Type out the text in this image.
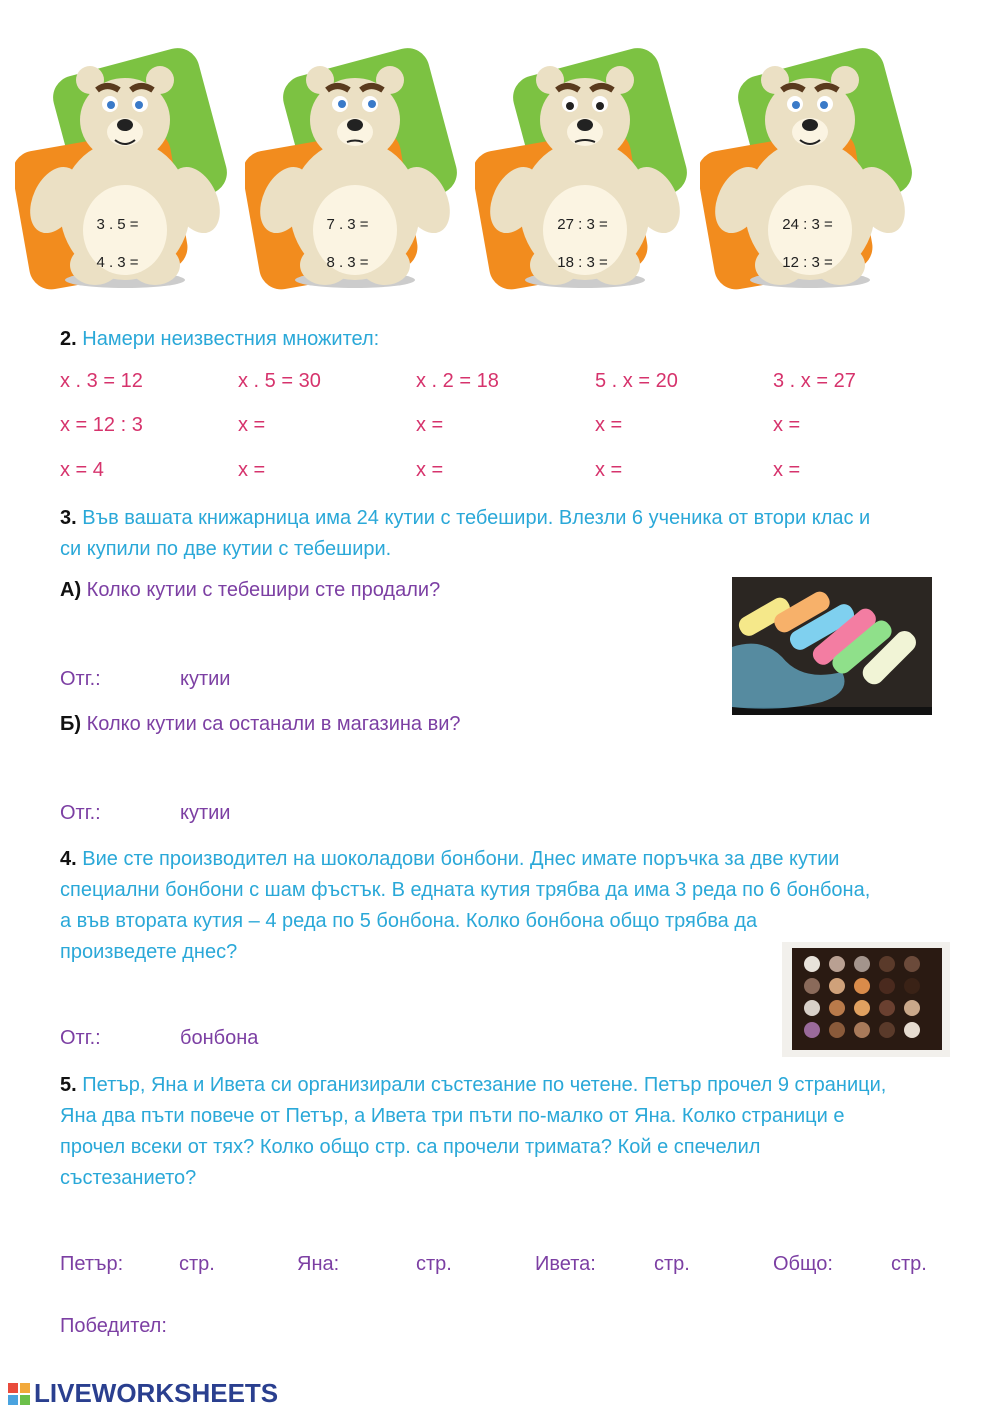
3 . 5 =
4 . 3 =
7 . 3 =
8 . 3 =
27 : 3 =
18 : 3 =
24 : 3 =
12 : 3 =
2. Намери неизвестния множител:
x . 3 = 12	x . 5 = 30	x . 2 = 18	5 . x = 20	3 . x = 27
x = 12 : 3	x =	x =	x =	x =
x = 4	x =	x =	x =	x =
3. Във вашата книжарница има 24 кутии с тебешири. Влезли 6 ученика от втори клас и
си купили по две кутии с тебешири.
А) Колко кутии с тебешири сте продали?
Отг.:	кутии
Б) Колко кутии са останали в магазина ви?
Отг.:	кутии
4. Вие сте производител на шоколадови бонбони. Днес имате поръчка за две кутии
специални бонбони с шам фъстък. В едната кутия трябва да има 3 реда по 6 бонбона,
а във втората кутия – 4 реда по 5 бонбона. Колко бонбона общо трябва да
произведете днес?
Отг.:	бонбона
5. Петър, Яна и Ивета си организирали състезание по четене. Петър прочел 9 страници,
Яна два пъти повече от Петър, а Ивета три пъти по-малко от Яна. Колко страници е
прочел всеки от тях? Колко общо стр. са прочели тримата? Кой е спечелил
състезанието?
Петър:	стр.	Яна:	стр.	Ивета:	стр.	Общо:	стр.
Победител:
LIVEWORKSHEETS
